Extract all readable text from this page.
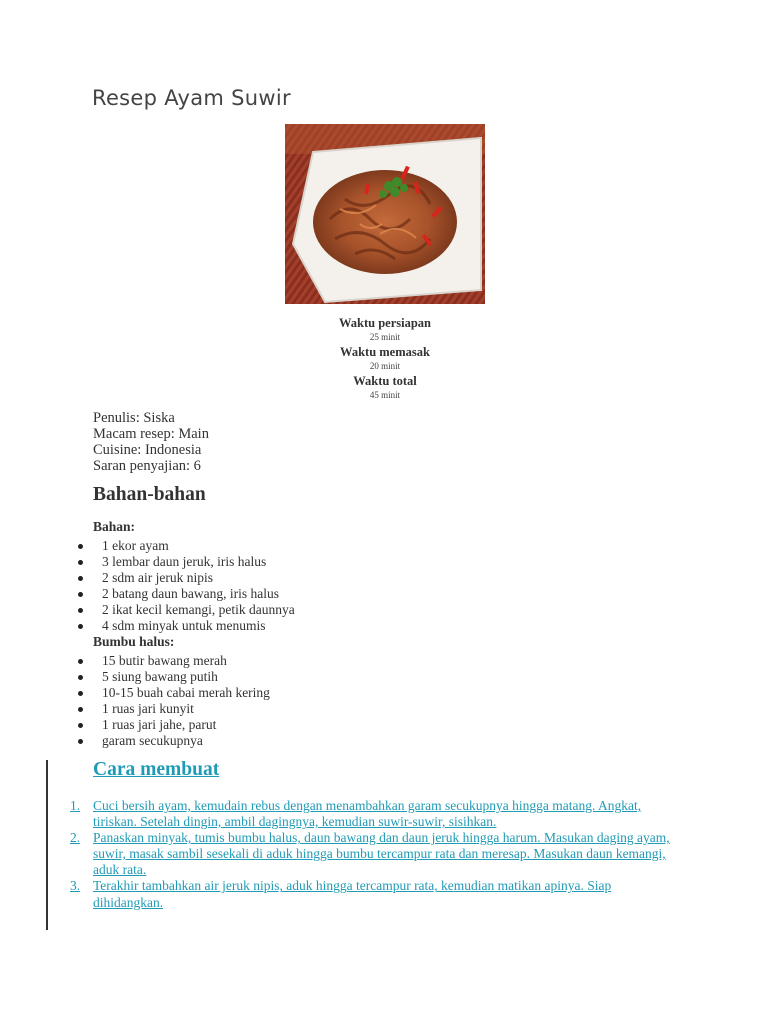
Resep Ayam Suwir
Waktu persiapan
25 minit
Waktu memasak
20 minit
Waktu total
45 minit
Penulis: Siska
Macam resep: Main
Cuisine: Indonesia
Saran penyajian: 6
Bahan-bahan
Bahan:
1 ekor ayam
3 lembar daun jeruk, iris halus
2 sdm air jeruk nipis
2 batang daun bawang, iris halus
2 ikat kecil kemangi, petik daunnya
4 sdm minyak untuk menumis
Bumbu halus:
15 butir bawang merah
5 siung bawang putih
10-15 buah cabai merah kering
1 ruas jari kunyit
1 ruas jari jahe, parut
garam secukupnya
Cara membuat
1. Cuci bersih ayam, kemudain rebus dengan menambahkan garam secukupnya hingga matang. Angkat, tiriskan. Setelah dingin, ambil dagingnya, kemudian suwir-suwir, sisihkan.
2. Panaskan minyak, tumis bumbu halus, daun bawang dan daun jeruk hingga harum. Masukan daging ayam, suwir, masak sambil sesekali di aduk hingga bumbu tercampur rata dan meresap. Masukan daun kemangi, aduk rata.
3. Terakhir tambahkan air jeruk nipis, aduk hingga tercampur rata, kemudian matikan apinya. Siap dihidangkan.
